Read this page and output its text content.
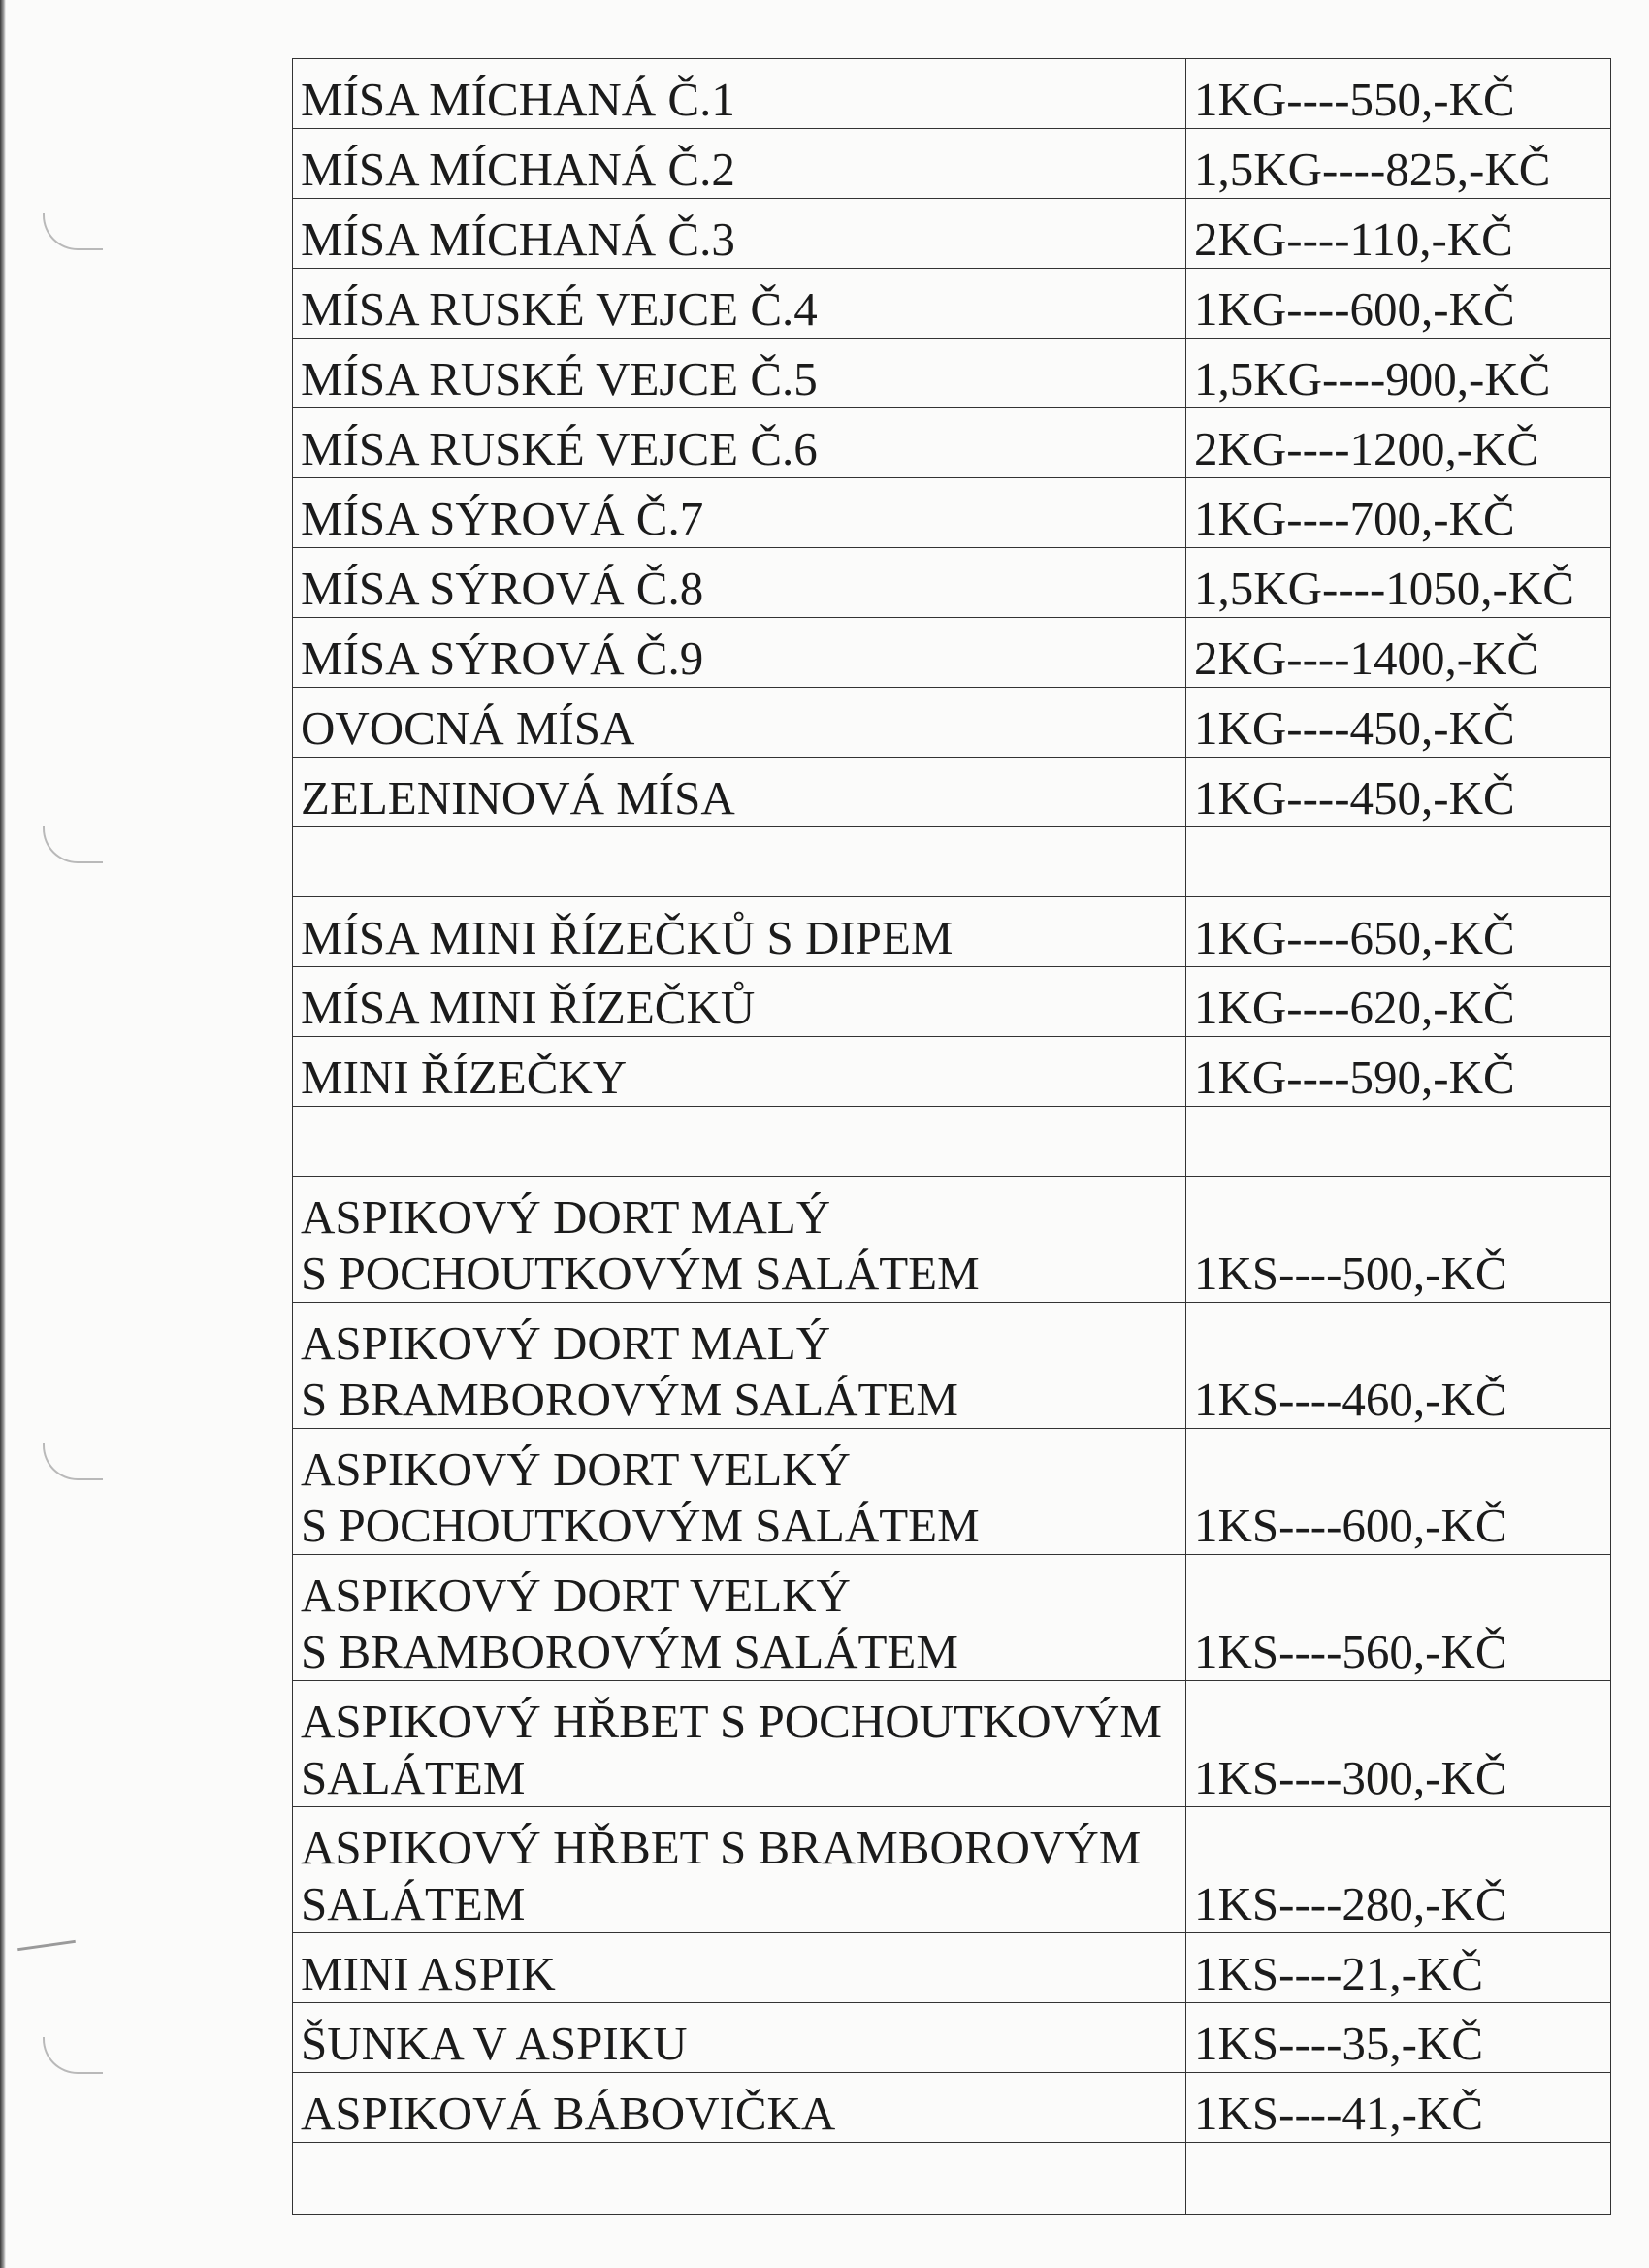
MÍSA MÍCHANÁ Č.1	1KG----550,-KČ
MÍSA MÍCHANÁ Č.2	1,5KG----825,-KČ
MÍSA MÍCHANÁ Č.3	2KG----110,-KČ
MÍSA RUSKÉ VEJCE Č.4	1KG----600,-KČ
MÍSA RUSKÉ VEJCE Č.5	1,5KG----900,-KČ
MÍSA RUSKÉ VEJCE Č.6	2KG----1200,-KČ
MÍSA SÝROVÁ Č.7	1KG----700,-KČ
MÍSA SÝROVÁ Č.8	1,5KG----1050,-KČ
MÍSA SÝROVÁ Č.9	2KG----1400,-KČ
OVOCNÁ MÍSA	1KG----450,-KČ
ZELENINOVÁ MÍSA	1KG----450,-KČ

MÍSA MINI ŘÍZEČKŮ S DIPEM	1KG----650,-KČ
MÍSA MINI ŘÍZEČKŮ	1KG----620,-KČ
MINI ŘÍZEČKY	1KG----590,-KČ

ASPIKOVÝ DORT MALÝ
S POCHOUTKOVÝM SALÁTEM	1KS----500,-KČ
ASPIKOVÝ DORT MALÝ
S BRAMBOROVÝM SALÁTEM	1KS----460,-KČ
ASPIKOVÝ DORT VELKÝ
S POCHOUTKOVÝM SALÁTEM	1KS----600,-KČ
ASPIKOVÝ DORT VELKÝ
S BRAMBOROVÝM SALÁTEM	1KS----560,-KČ
ASPIKOVÝ HŘBET S POCHOUTKOVÝM
SALÁTEM	1KS----300,-KČ
ASPIKOVÝ HŘBET S BRAMBOROVÝM
SALÁTEM	1KS----280,-KČ
MINI ASPIK	1KS----21,-KČ
ŠUNKA V ASPIKU	1KS----35,-KČ
ASPIKOVÁ BÁBOVIČKA	1KS----41,-KČ
